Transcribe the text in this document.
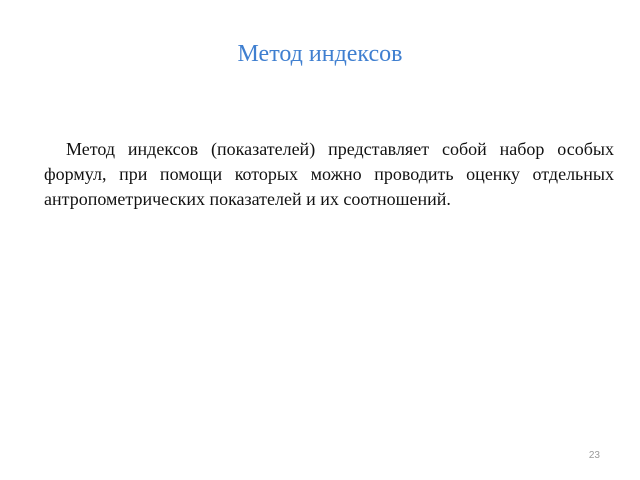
Метод индексов

Метод индексов (показателей) представляет собой набор особых формул, при помощи которых можно проводить оценку отдельных антропометрических показателей и их соотношений.

23
